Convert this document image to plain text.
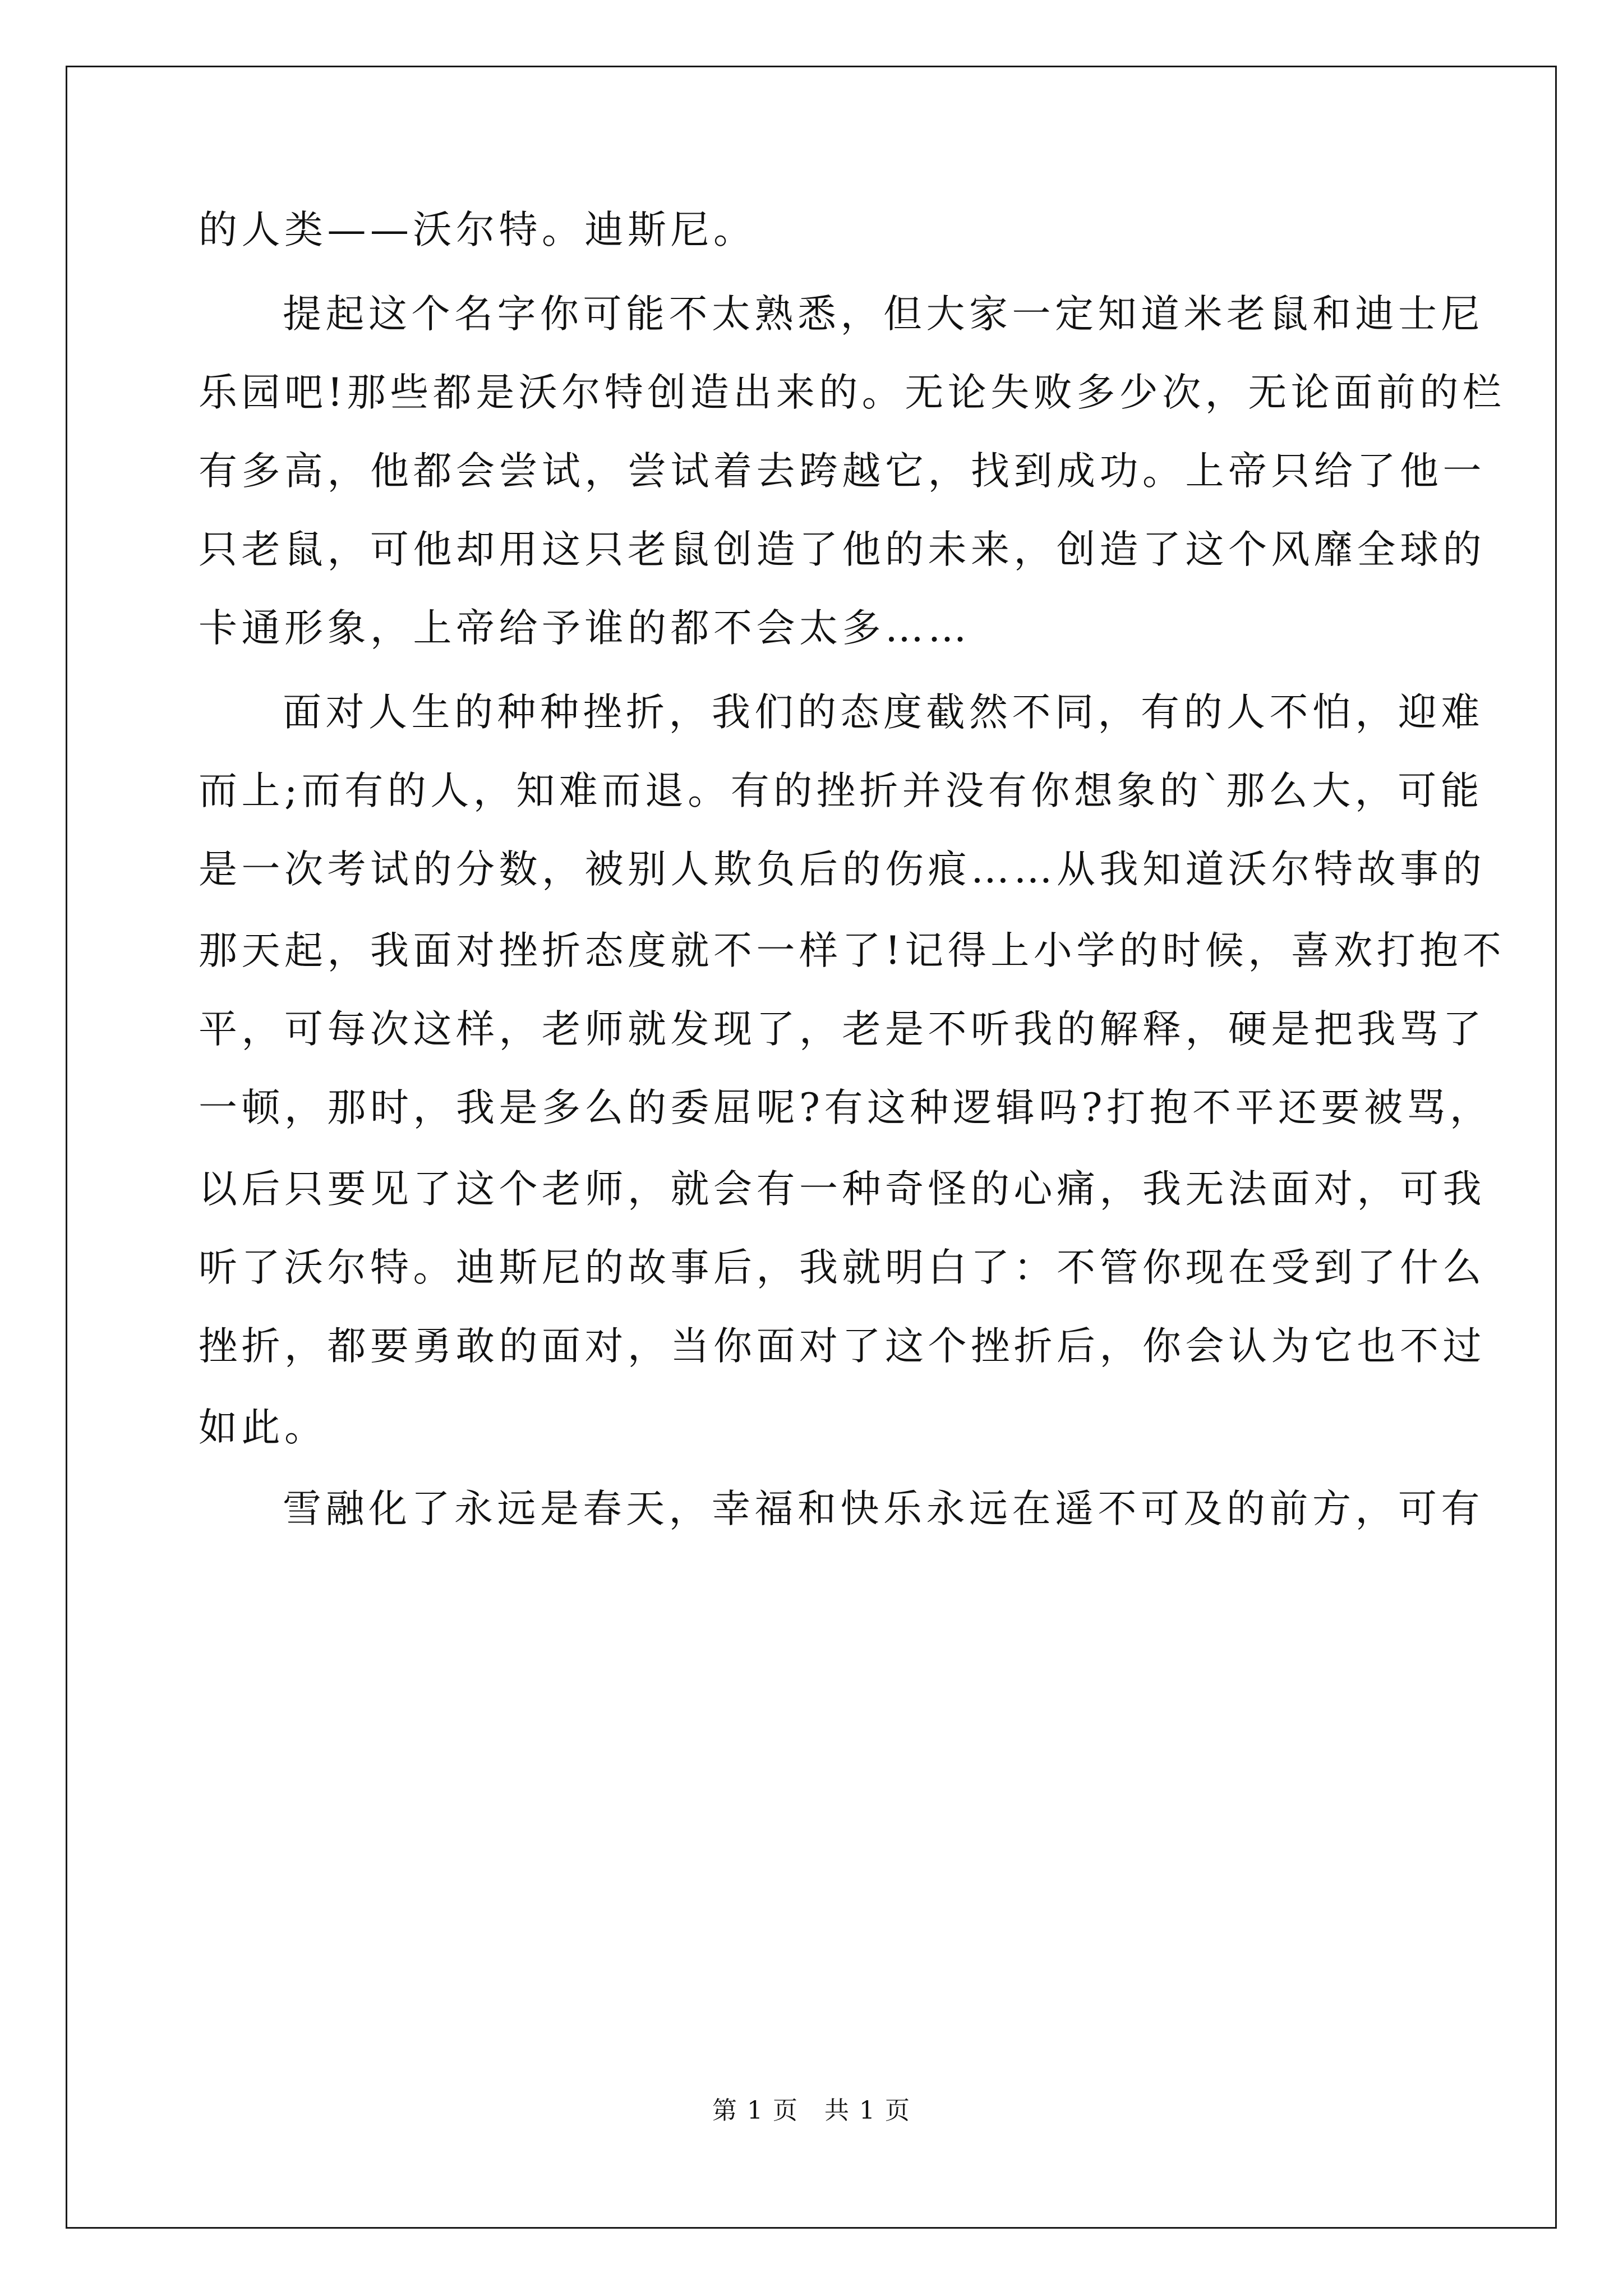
的人类——沃尔特。迪斯尼。
提起这个名字你可能不太熟悉，但大家一定知道米老鼠和迪士尼
乐园吧!那些都是沃尔特创造出来的。无论失败多少次，无论面前的栏
有多高，他都会尝试，尝试着去跨越它，找到成功。上帝只给了他一
只老鼠，可他却用这只老鼠创造了他的未来，创造了这个风靡全球的
卡通形象，上帝给予谁的都不会太多……
面对人生的种种挫折，我们的态度截然不同，有的人不怕，迎难
而上;而有的人，知难而退。有的挫折并没有你想象的`那么大，可能
是一次考试的分数，被别人欺负后的伤痕……从我知道沃尔特故事的
那天起，我面对挫折态度就不一样了!记得上小学的时候，喜欢打抱不
平，可每次这样，老师就发现了，老是不听我的解释，硬是把我骂了
一顿，那时，我是多么的委屈呢?有这种逻辑吗?打抱不平还要被骂，
以后只要见了这个老师，就会有一种奇怪的心痛，我无法面对，可我
听了沃尔特。迪斯尼的故事后，我就明白了：不管你现在受到了什么
挫折，都要勇敢的面对，当你面对了这个挫折后，你会认为它也不过
如此。
雪融化了永远是春天，幸福和快乐永远在遥不可及的前方，可有
第 1 页　共 1 页
